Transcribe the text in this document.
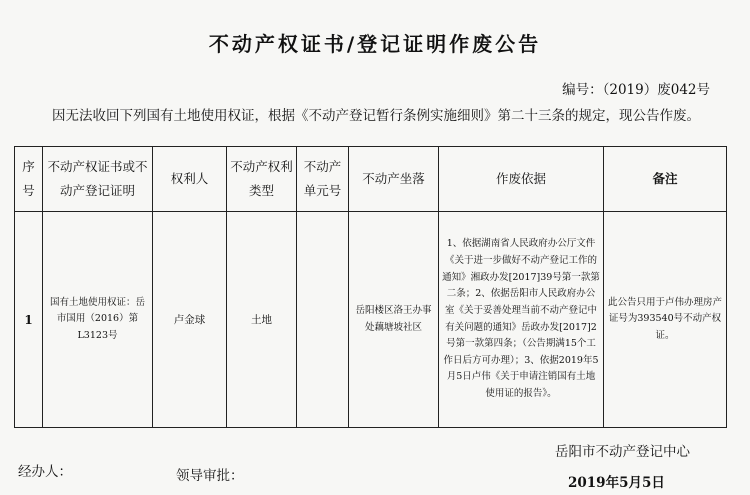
不动产权证书/登记证明作废公告
编号：（2019）废042号
因无法收回下列国有土地使用权证，根据《不动产登记暂行条例实施细则》第二十三条的规定，现公告作废。
序号	不动产权证书或不动产登记证明	权利人	不动产权利类型	不动产单元号	不动产坐落	作废依据	备注
1	国有土地使用权证：岳市国用（2016）第L3123号	卢金球	土地		岳阳楼区洛王办事处藕塘坡社区	1、依据湖南省人民政府办公厅文件《关于进一步做好不动产登记工作的通知》湘政办发[2017]39号第一款第二条；2、依据岳阳市人民政府办公室《关于妥善处理当前不动产登记中有关问题的通知》岳政办发[2017]2号第一款第四条；（公告期满15个工作日后方可办理）；3、依据2019年5月5日卢伟《关于申请注销国有土地使用证的报告》。	此公告只用于卢伟办理房产证号为393540号不动产权证。
岳阳市不动产登记中心
经办人：	领导审批：	2019年5月5日
